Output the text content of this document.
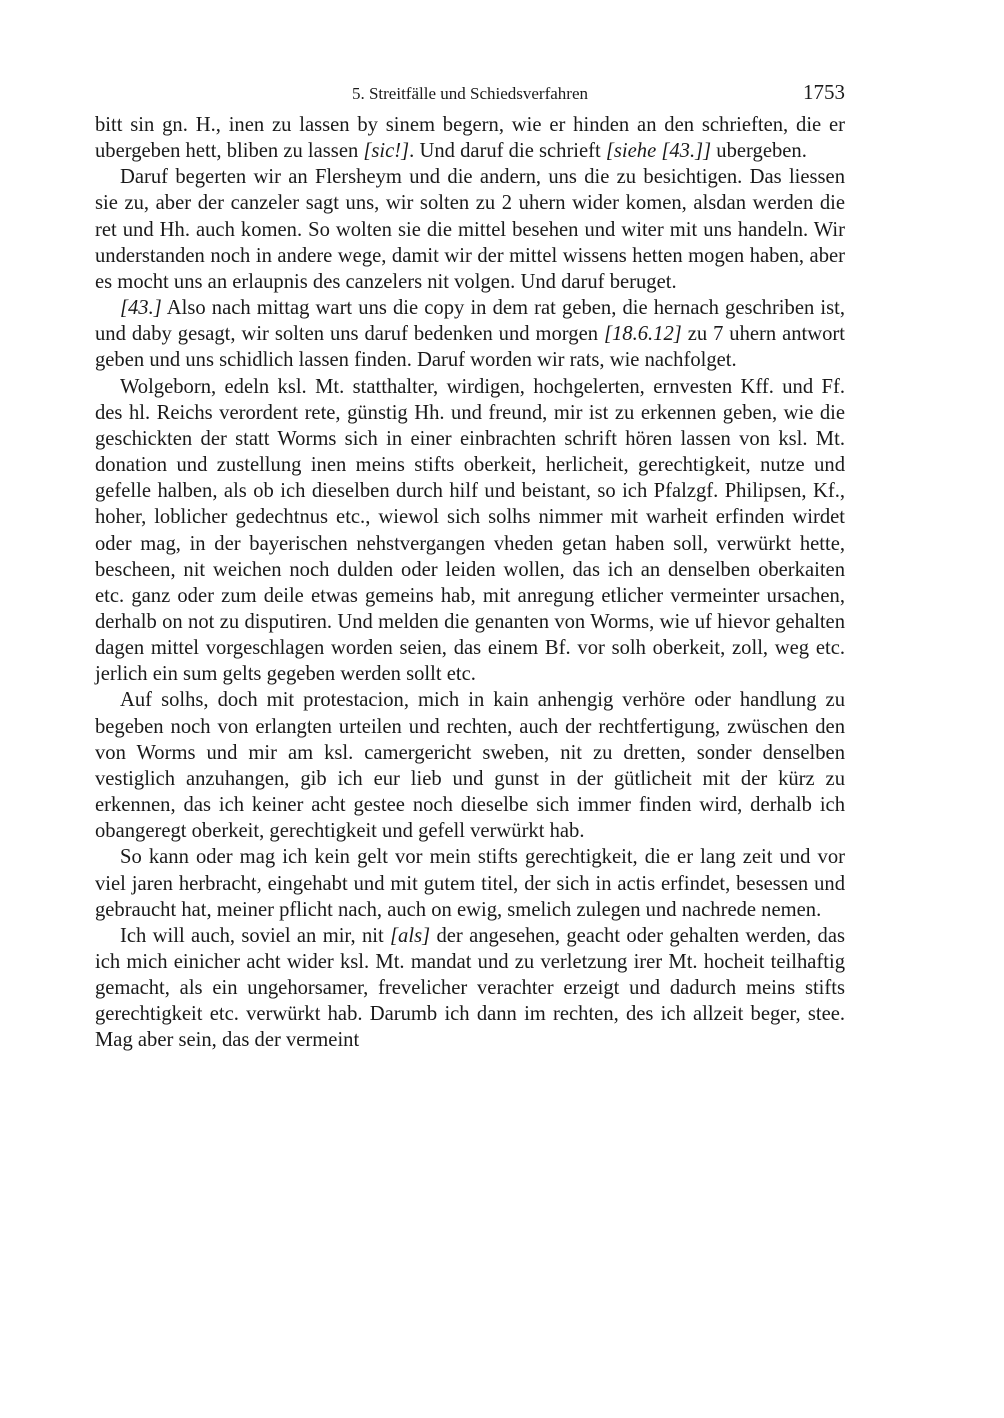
5. Streitfälle und Schiedsverfahren	1753

bitt sin gn. H., inen zu lassen by sinem begern, wie er hinden an den schrieften, die er ubergeben hett, bliben zu lassen [sic!]. Und daruf die schrieft [siehe [43.]] ubergeben.

Daruf begerten wir an Flersheym und die andern, uns die zu besichtigen. Das liessen sie zu, aber der canzeler sagt uns, wir solten zu 2 uhern wider komen, alsdan werden die ret und Hh. auch komen. So wolten sie die mittel besehen und witer mit uns handeln. Wir understanden noch in andere wege, damit wir der mittel wissens hetten mogen haben, aber es mocht uns an erlaupnis des canzelers nit volgen. Und daruf beruget.

[43.] Also nach mittag wart uns die copy in dem rat geben, die hernach geschriben ist, und daby gesagt, wir solten uns daruf bedenken und morgen [18.6.12] zu 7 uhern antwort geben und uns schidlich lassen finden. Daruf worden wir rats, wie nachfolget.

Wolgeborn, edeln ksl. Mt. statthalter, wirdigen, hochgelerten, ernvesten Kff. und Ff. des hl. Reichs verordent rete, günstig Hh. und freund, mir ist zu erkennen geben, wie die geschickten der statt Worms sich in einer einbrachten schrift hören lassen von ksl. Mt. donation und zustellung inen meins stifts oberkeit, herlicheit, gerechtigkeit, nutze und gefelle halben, als ob ich dieselben durch hilf und beistant, so ich Pfalzgf. Philipsen, Kf., hoher, loblicher gedechtnus etc., wiewol sich solhs nimmer mit warheit erfinden wirdet oder mag, in der bayerischen nehstvergangen vheden getan haben soll, verwürkt hette, bescheen, nit weichen noch dulden oder leiden wollen, das ich an denselben oberkaiten etc. ganz oder zum deile etwas gemeins hab, mit anregung etlicher vermeinter ursachen, derhalb on not zu disputiren. Und melden die genanten von Worms, wie uf hievor gehalten dagen mittel vorgeschlagen worden seien, das einem Bf. vor solh oberkeit, zoll, weg etc. jerlich ein sum gelts gegeben werden sollt etc.

Auf solhs, doch mit protestacion, mich in kain anhengig verhöre oder handlung zu begeben noch von erlangten urteilen und rechten, auch der rechtfertigung, zwüschen den von Worms und mir am ksl. camergericht sweben, nit zu dretten, sonder denselben vestiglich anzuhangen, gib ich eur lieb und gunst in der gütlicheit mit der kürz zu erkennen, das ich keiner acht gestee noch dieselbe sich immer finden wird, derhalb ich obangeregt oberkeit, gerechtigkeit und gefell verwürkt hab.

So kann oder mag ich kein gelt vor mein stifts gerechtigkeit, die er lang zeit und vor viel jaren herbracht, eingehabt und mit gutem titel, der sich in actis erfindet, besessen und gebraucht hat, meiner pflicht nach, auch on ewig, smelich zulegen und nachrede nemen.

Ich will auch, soviel an mir, nit [als] der angesehen, geacht oder gehalten werden, das ich mich einicher acht wider ksl. Mt. mandat und zu verletzung irer Mt. hocheit teilhaftig gemacht, als ein ungehorsamer, frevelicher verachter erzeigt und dadurch meins stifts gerechtigkeit etc. verwürkt hab. Darumb ich dann im rechten, des ich allzeit beger, stee. Mag aber sein, das der vermeint
